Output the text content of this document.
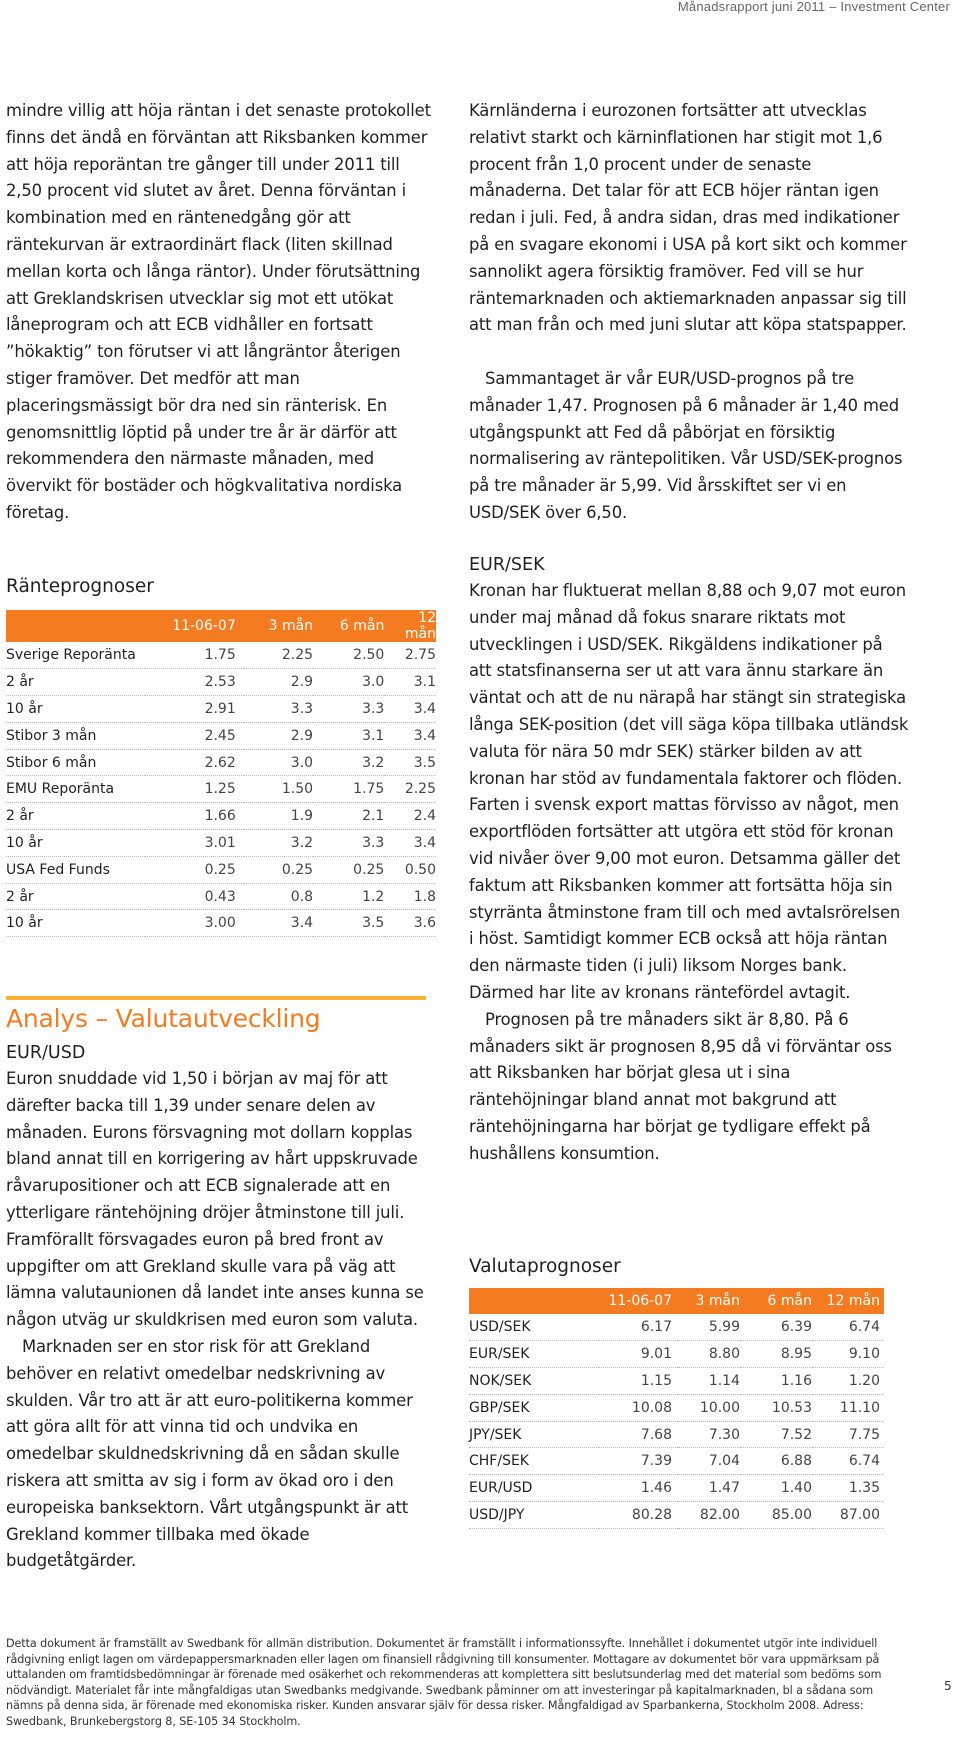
Månadsrapport juni 2011 – Investment Center
mindre villig att höja räntan i det senaste protokollet finns det ändå en förväntan att Riksbanken kommer att höja reporäntan tre gånger till under 2011 till 2,50 procent vid slutet av året. Denna förväntan i kombination med en räntenedgång gör att räntekurvan är extraordinärt flack (liten skillnad mellan korta och långa räntor). Under förutsättning att Greklandskrisen utvecklar sig mot ett utökat låneprogram och att ECB vidhåller en fortsatt ”hökaktig” ton förutser vi att långräntor återigen stiger framöver. Det medför att man placeringsmässigt bör dra ned sin ränterisk. En genomsnittlig löptid på under tre år är därför att rekommendera den närmaste månaden, med övervikt för bostäder och högkvalitativa nordiska företag.
Kärnländerna i eurozonen fortsätter att utvecklas relativt starkt och kärninflationen har stigit mot 1,6 procent från 1,0 procent under de senaste månaderna. Det talar för att ECB höjer räntan igen redan i juli. Fed, å andra sidan, dras med indikationer på en svagare ekonomi i USA på kort sikt och kommer sannolikt agera försiktig framöver. Fed vill se hur räntemarknaden och aktiemarknaden anpassar sig till att man från och med juni slutar att köpa statspapper.
Sammantaget är vår EUR/USD-prognos på tre månader 1,47. Prognosen på 6 månader är 1,40 med utgångspunkt att Fed då påbörjat en försiktig normalisering av räntepolitiken. Vår USD/SEK-prognos på tre månader är 5,99. Vid årsskiftet ser vi en USD/SEK över 6,50.
Ränteprognoser
	11-06-07	3 mån	6 mån	12 mån
Sverige Reporänta	1.75	2.25	2.50	2.75
2 år	2.53	2.9	3.0	3.1
10 år	2.91	3.3	3.3	3.4
Stibor 3 mån	2.45	2.9	3.1	3.4
Stibor 6 mån	2.62	3.0	3.2	3.5
EMU Reporänta	1.25	1.50	1.75	2.25
2 år	1.66	1.9	2.1	2.4
10 år	3.01	3.2	3.3	3.4
USA Fed Funds	0.25	0.25	0.25	0.50
2 år	0.43	0.8	1.2	1.8
10 år	3.00	3.4	3.5	3.6
Analys – Valutautveckling
EUR/USD
Euron snuddade vid 1,50 i början av maj för att därefter backa till 1,39 under senare delen av månaden. Eurons försvagning mot dollarn kopplas bland annat till en korrigering av hårt uppskruvade råvarupositioner och att ECB signalerade att en ytterligare räntehöjning dröjer åtminstone till juli. Framförallt försvagades euron på bred front av uppgifter om att Grekland skulle vara på väg att lämna valutaunionen då landet inte anses kunna se någon utväg ur skuldkrisen med euron som valuta.
Marknaden ser en stor risk för att Grekland behöver en relativt omedelbar nedskrivning av skulden. Vår tro att är att euro-politikerna kommer att göra allt för att vinna tid och undvika en omedelbar skuldnedskrivning då en sådan skulle riskera att smitta av sig i form av ökad oro i den europeiska banksektorn. Vårt utgångspunkt är att Grekland kommer tillbaka med ökade budgetåtgärder.
EUR/SEK
Kronan har fluktuerat mellan 8,88 och 9,07 mot euron under maj månad då fokus snarare riktats mot utvecklingen i USD/SEK. Rikgäldens indikationer på att statsfinanserna ser ut att vara ännu starkare än väntat och att de nu närapå har stängt sin strategiska långa SEK-position (det vill säga köpa tillbaka utländsk valuta för nära 50 mdr SEK) stärker bilden av att kronan har stöd av fundamentala faktorer och flöden. Farten i svensk export mattas förvisso av något, men exportflöden fortsätter att utgöra ett stöd för kronan vid nivåer över 9,00 mot euron. Detsamma gäller det faktum att Riksbanken kommer att fortsätta höja sin styrränta åtminstone fram till och med avtalsrörelsen i höst. Samtidigt kommer ECB också att höja räntan den närmaste tiden (i juli) liksom Norges bank. Därmed har lite av kronans räntefördel avtagit.
Prognosen på tre månaders sikt är 8,80. På 6 månaders sikt är prognosen 8,95 då vi förväntar oss att Riksbanken har börjat glesa ut i sina räntehöjningar bland annat mot bakgrund att räntehöjningarna har börjat ge tydligare effekt på hushållens konsumtion.
Valutaprognoser
	11-06-07	3 mån	6 mån	12 mån
USD/SEK	6.17	5.99	6.39	6.74
EUR/SEK	9.01	8.80	8.95	9.10
NOK/SEK	1.15	1.14	1.16	1.20
GBP/SEK	10.08	10.00	10.53	11.10
JPY/SEK	7.68	7.30	7.52	7.75
CHF/SEK	7.39	7.04	6.88	6.74
EUR/USD	1.46	1.47	1.40	1.35
USD/JPY	80.28	82.00	85.00	87.00
Detta dokument är framställt av Swedbank för allmän distribution. Dokumentet är framställt i informationssyfte. Innehållet i dokumentet utgör inte individuell rådgivning enligt lagen om värdepappersmarknaden eller lagen om finansiell rådgivning till konsumenter. Mottagare av dokumentet bör vara uppmärksam på uttalanden om framtidsbedömningar är förenade med osäkerhet och rekommenderas att komplettera sitt beslutsunderlag med det material som bedöms som nödvändigt. Materialet får inte mångfaldigas utan Swedbanks medgivande. Swedbank påminner om att investeringar på kapitalmarknaden, bl a sådana som nämns på denna sida, är förenade med ekonomiska risker. Kunden ansvarar själv för dessa risker. Mångfaldigad av Sparbankerna, Stockholm 2008. Adress: Swedbank, Brunkebergstorg 8, SE-105 34 Stockholm.
5
